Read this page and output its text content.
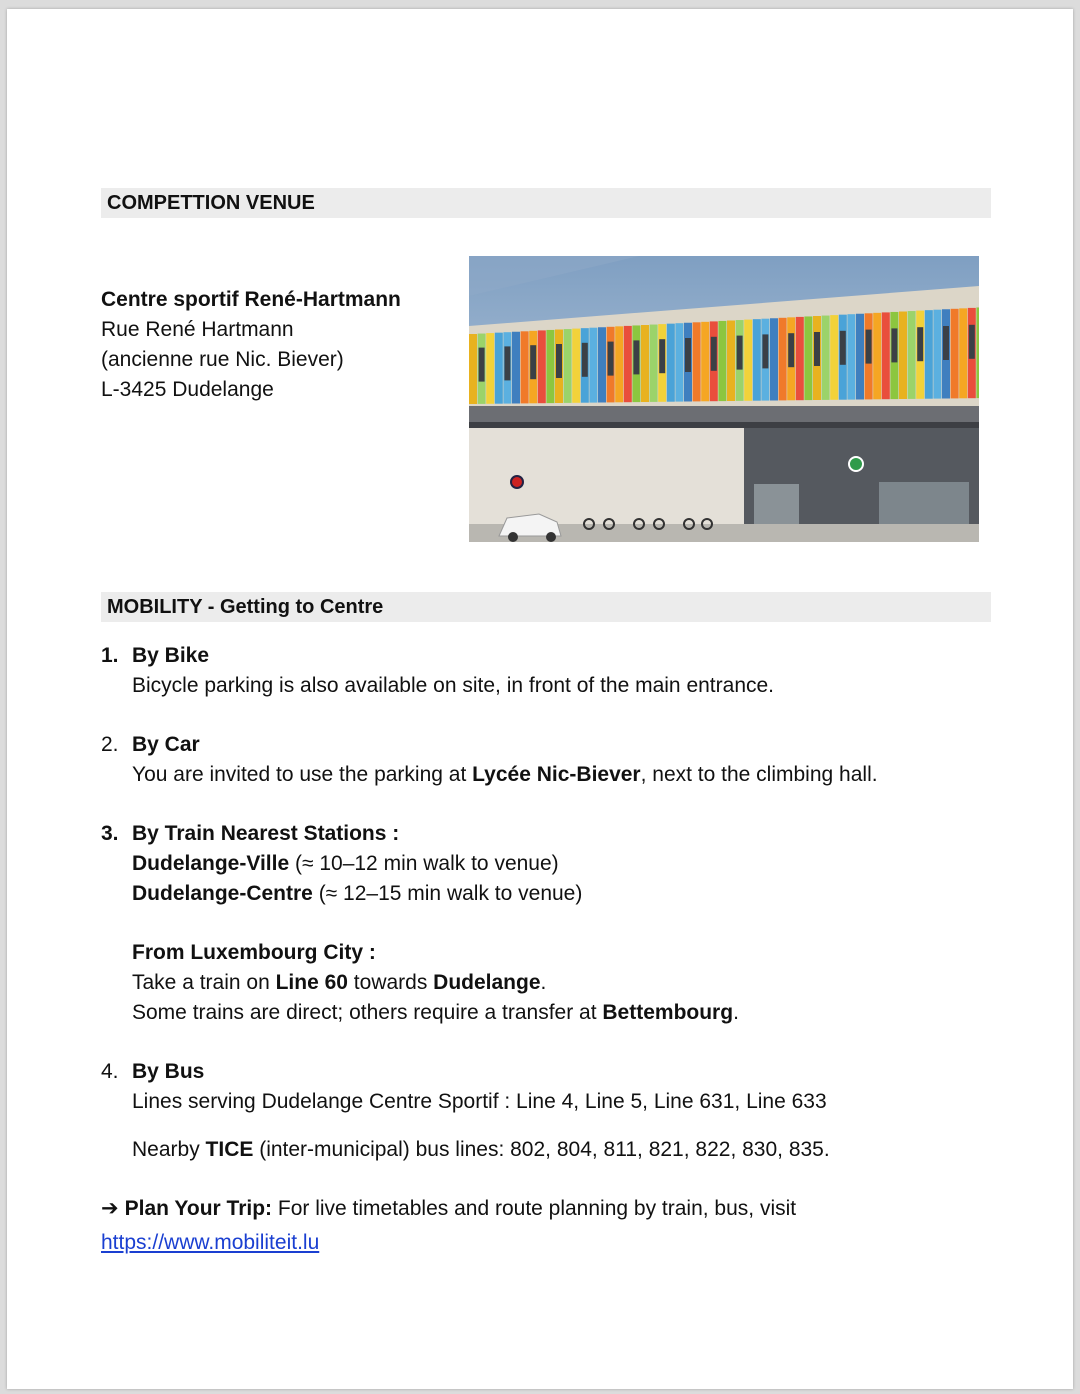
COMPETTION VENUE
Centre sportif René-Hartmann
Rue René Hartmann
(ancienne rue Nic. Biever)
L-3425 Dudelange
MOBILITY - Getting to Centre
1. By Bike
Bicycle parking is also available on site, in front of the main entrance.
2. By Car
You are invited to use the parking at Lycée Nic-Biever, next to the climbing hall.
3. By Train Nearest Stations :
Dudelange-Ville (≈ 10–12 min walk to venue)
Dudelange-Centre (≈ 12–15 min walk to venue)
From Luxembourg City :
Take a train on Line 60 towards Dudelange.
Some trains are direct; others require a transfer at Bettembourg.
4. By Bus
Lines serving Dudelange Centre Sportif : Line 4, Line 5, Line 631, Line 633
Nearby TICE (inter-municipal) bus lines: 802, 804, 811, 821, 822, 830, 835.
➔ Plan Your Trip: For live timetables and route planning by train, bus, visit
https://www.mobiliteit.lu
